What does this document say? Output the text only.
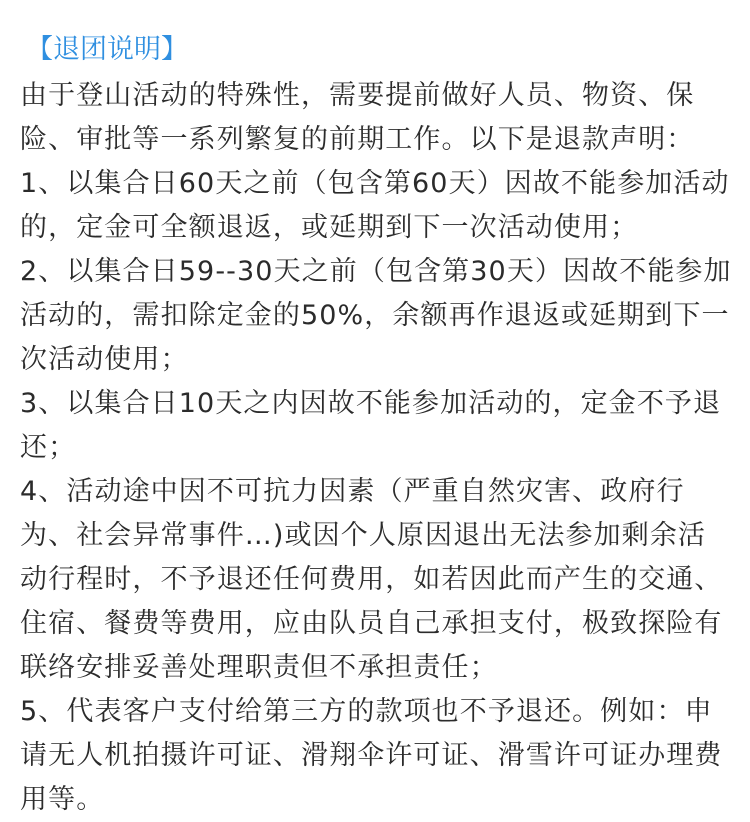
【退团说明】

由于登山活动的特殊性，需要提前做好人员、物资、保险、审批等一系列繁复的前期工作。以下是退款声明：

1、以集合日60天之前（包含第60天）因故不能参加活动的，定金可全额退返，或延期到下一次活动使用；

2、以集合日59--30天之前（包含第30天）因故不能参加活动的，需扣除定金的50%，余额再作退返或延期到下一次活动使用；

3、以集合日10天之内因故不能参加活动的，定金不予退还；

4、活动途中因不可抗力因素（严重自然灾害、政府行为、社会异常事件…)或因个人原因退出无法参加剩余活动行程时，不予退还任何费用，如若因此而产生的交通、住宿、餐费等费用，应由队员自己承担支付，极致探险有联络安排妥善处理职责但不承担责任；

5、代表客户支付给第三方的款项也不予退还。例如：申请无人机拍摄许可证、滑翔伞许可证、滑雪许可证办理费用等。
